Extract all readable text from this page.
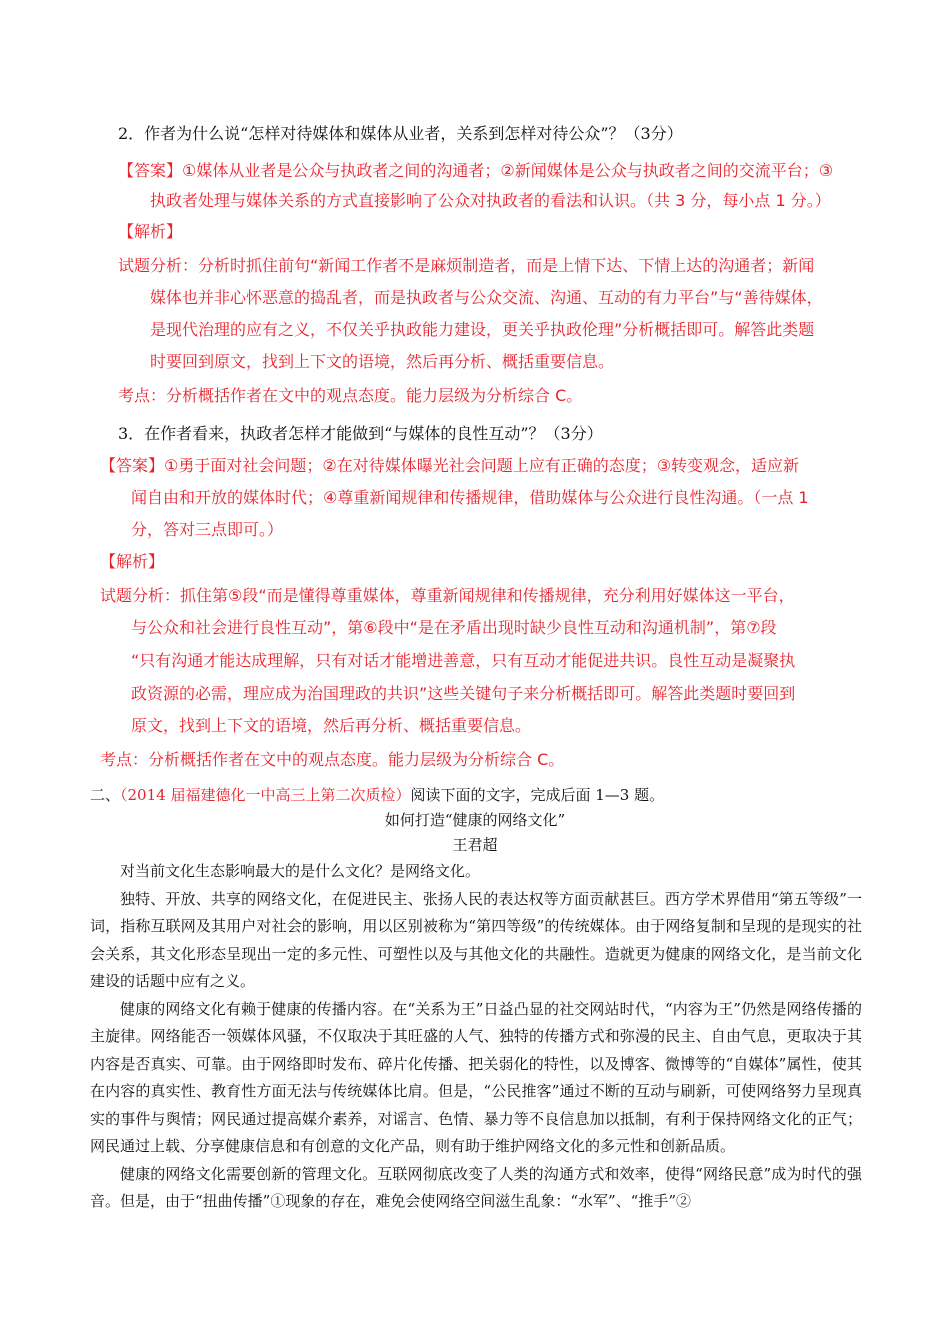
2．作者为什么说“怎样对待媒体和媒体从业者，关系到怎样对待公众”？（3分）
【答案】①媒体从业者是公众与执政者之间的沟通者；②新闻媒体是公众与执政者之间的交流平台；③
执政者处理与媒体关系的方式直接影响了公众对执政者的看法和认识。（共 3 分，每小点 1 分。）
【解析】
试题分析：分析时抓住前句“新闻工作者不是麻烦制造者，而是上情下达、下情上达的沟通者；新闻
媒体也并非心怀恶意的捣乱者，而是执政者与公众交流、沟通、互动的有力平台”与“善待媒体，
是现代治理的应有之义，不仅关乎执政能力建设，更关乎执政伦理”分析概括即可。解答此类题
时要回到原文，找到上下文的语境，然后再分析、概括重要信息。
考点：分析概括作者在文中的观点态度。能力层级为分析综合 C。
3．在作者看来，执政者怎样才能做到“与媒体的良性互动”？（3分）
【答案】①勇于面对社会问题；②在对待媒体曝光社会问题上应有正确的态度；③转变观念，适应新
闻自由和开放的媒体时代；④尊重新闻规律和传播规律，借助媒体与公众进行良性沟通。（一点 1
分，答对三点即可。）
【解析】
试题分析：抓住第⑤段“而是懂得尊重媒体，尊重新闻规律和传播规律，充分利用好媒体这一平台，
与公众和社会进行良性互动”，第⑥段中“是在矛盾出现时缺少良性互动和沟通机制”，第⑦段
“只有沟通才能达成理解，只有对话才能增进善意，只有互动才能促进共识。良性互动是凝聚执
政资源的必需，理应成为治国理政的共识”这些关键句子来分析概括即可。解答此类题时要回到
原文，找到上下文的语境，然后再分析、概括重要信息。
考点：分析概括作者在文中的观点态度。能力层级为分析综合 C。
二、（2014 届福建德化一中高三上第二次质检）阅读下面的文字，完成后面 1—3 题。
如何打造“健康的网络文化”
王君超

对当前文化生态影响最大的是什么文化？是网络文化。

独特、开放、共享的网络文化，在促进民主、张扬人民的表达权等方面贡献甚巨。西方学术界借用“第五等级”一词，指称互联网及其用户对社会的影响，用以区别被称为“第四等级”的传统媒体。由于网络复制和呈现的是现实的社会关系，其文化形态呈现出一定的多元性、可塑性以及与其他文化的共融性。造就更为健康的网络文化，是当前文化建设的话题中应有之义。

健康的网络文化有赖于健康的传播内容。在“关系为王”日益凸显的社交网站时代，“内容为王”仍然是网络传播的主旋律。网络能否一领媒体风骚，不仅取决于其旺盛的人气、独特的传播方式和弥漫的民主、自由气息，更取决于其内容是否真实、可靠。由于网络即时发布、碎片化传播、把关弱化的特性，以及博客、微博等的“自媒体”属性，使其在内容的真实性、教育性方面无法与传统媒体比肩。但是，“公民推客”通过不断的互动与刷新，可使网络努力呈现真实的事件与舆情；网民通过提高媒介素养，对谣言、色情、暴力等不良信息加以抵制，有利于保持网络文化的正气；网民通过上载、分享健康信息和有创意的文化产品，则有助于维护网络文化的多元性和创新品质。

健康的网络文化需要创新的管理文化。互联网彻底改变了人类的沟通方式和效率，使得“网络民意”成为时代的强音。但是，由于“扭曲传播”①现象的存在，难免会使网络空间滋生乱象：“水军”、“推手”②
